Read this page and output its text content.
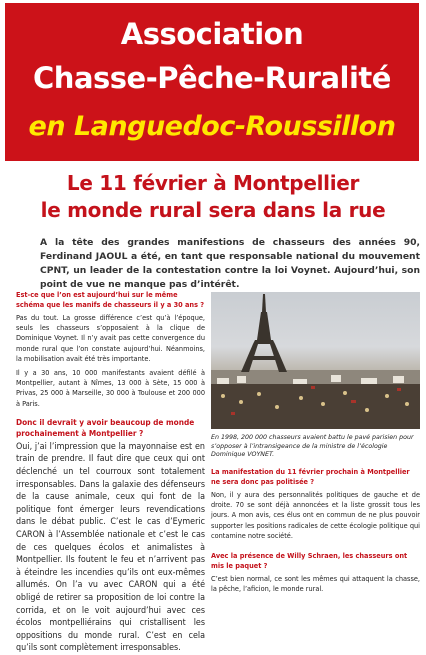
Association
Chasse-Pêche-Ruralité
en Languedoc-Roussillon
Le 11 février à Montpellier
le monde rural sera dans la rue
A la tête des grandes manifestions de chasseurs des années 90, Ferdinand JAOUL a été, en tant que responsable national du mouvement CPNT, un leader de la contestation contre la loi Voynet. Aujourd’hui, son point de vue ne manque pas d’intérêt.
Est-ce que l’on est aujourd’hui sur le même schéma que les manifs de chasseurs il y a 30 ans ?

Pas du tout. La grosse différence c’est qu’à l’époque, seuls les chasseurs s’opposaient à la clique de Dominique Voynet. Il n’y avait pas cette convergence du monde rural que l’on constate aujourd’hui. Néanmoins, la mobilisation avait été très importante.

Il y a 30 ans, 10 000 manifestants avaient défilé à Montpellier, autant à Nîmes, 13 000 à Sète, 15 000 à Privas, 25 000 à Marseille, 30 000 à Toulouse et 200 000 à Paris.

Donc il devrait y avoir beaucoup de monde prochainement à Montpellier ?

Oui, j’ai l’impression que la mayonnaise est en train de prendre. Il faut dire que ceux qui ont déclenché un tel courroux sont totalement irresponsables. Dans la galaxie des défenseurs de la cause animale, ceux qui font de la politique font émerger leurs revendications dans le débat public. C’est le cas d’Eymeric CARON à l’Assemblée nationale et c’est le cas de ces quelques écolos et animalistes à Montpellier. Ils foutent le feu et n’arrivent pas à éteindre les incendies qu’ils ont eux-mêmes allumés. On l’a vu avec CARON qui a été obligé de retirer sa proposition de loi contre la corrida, et on le voit aujourd’hui avec ces écolos montpelliérains qui cristallisent les oppositions du monde rural. C’est en cela qu’ils sont complètement irresponsables.

En 1998, 200 000 chasseurs avaient battu le pavé parisien pour s’opposer à l’intransigeance de la ministre de l’écologie Dominique VOYNET.
La manifestation du 11 février prochain à Montpellier ne sera donc pas politisée ?

Non, il y aura des personnalités politiques de gauche et de droite. 70 se sont déjà annoncées et la liste grossit tous les jours. A mon avis, ces élus ont en commun de ne plus pouvoir supporter les positions radicales de cette écologie politique qui contamine notre société.

Avec la présence de Willy Schraen, les chasseurs ont mis le paquet ?

C’est bien normal, ce sont les mêmes qui attaquent la chasse, la pêche, l’aficion, le monde rural.
